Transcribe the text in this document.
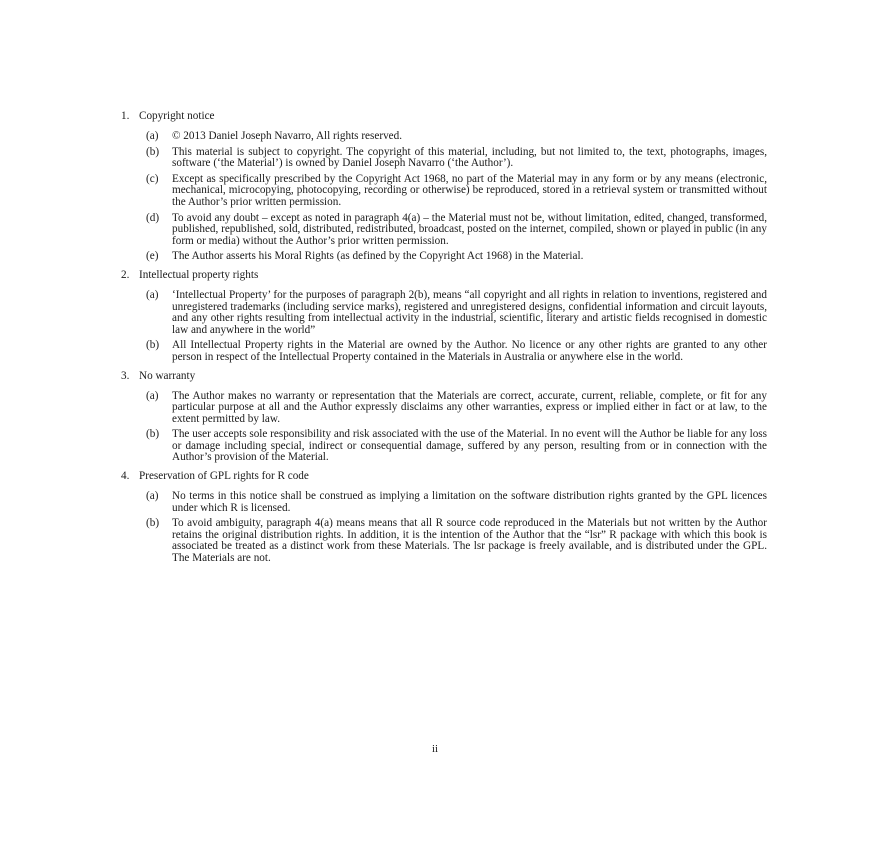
1. Copyright notice
(a)	© 2013 Daniel Joseph Navarro, All rights reserved.
(b)	This material is subject to copyright. The copyright of this material, including, but not limited to, the text, photographs, images, software (‘the Material’) is owned by Daniel Joseph Navarro (‘the Author’).
(c)	Except as specifically prescribed by the Copyright Act 1968, no part of the Material may in any form or by any means (electronic, mechanical, microcopying, photocopying, recording or otherwise) be reproduced, stored in a retrieval system or transmitted without the Author’s prior written permission.
(d)	To avoid any doubt – except as noted in paragraph 4(a) – the Material must not be, without limitation, edited, changed, transformed, published, republished, sold, distributed, redistributed, broadcast, posted on the internet, compiled, shown or played in public (in any form or media) without the Author’s prior written permission.
(e)	The Author asserts his Moral Rights (as defined by the Copyright Act 1968) in the Material.
2. Intellectual property rights
(a)	‘Intellectual Property’ for the purposes of paragraph 2(b), means “all copyright and all rights in relation to inventions, registered and unregistered trademarks (including service marks), registered and unregistered designs, confidential information and circuit layouts, and any other rights resulting from intellectual activity in the industrial, scientific, literary and artistic fields recognised in domestic law and anywhere in the world”
(b)	All Intellectual Property rights in the Material are owned by the Author. No licence or any other rights are granted to any other person in respect of the Intellectual Property contained in the Materials in Australia or anywhere else in the world.
3. No warranty
(a)	The Author makes no warranty or representation that the Materials are correct, accurate, current, reliable, complete, or fit for any particular purpose at all and the Author expressly disclaims any other warranties, express or implied either in fact or at law, to the extent permitted by law.
(b)	The user accepts sole responsibility and risk associated with the use of the Material. In no event will the Author be liable for any loss or damage including special, indirect or consequential damage, suffered by any person, resulting from or in connection with the Author’s provision of the Material.
4. Preservation of GPL rights for R code
(a)	No terms in this notice shall be construed as implying a limitation on the software distribution rights granted by the GPL licences under which R is licensed.
(b)	To avoid ambiguity, paragraph 4(a) means means that all R source code reproduced in the Materials but not written by the Author retains the original distribution rights. In addition, it is the intention of the Author that the “lsr” R package with which this book is associated be treated as a distinct work from these Materials. The lsr package is freely available, and is distributed under the GPL. The Materials are not.
ii
